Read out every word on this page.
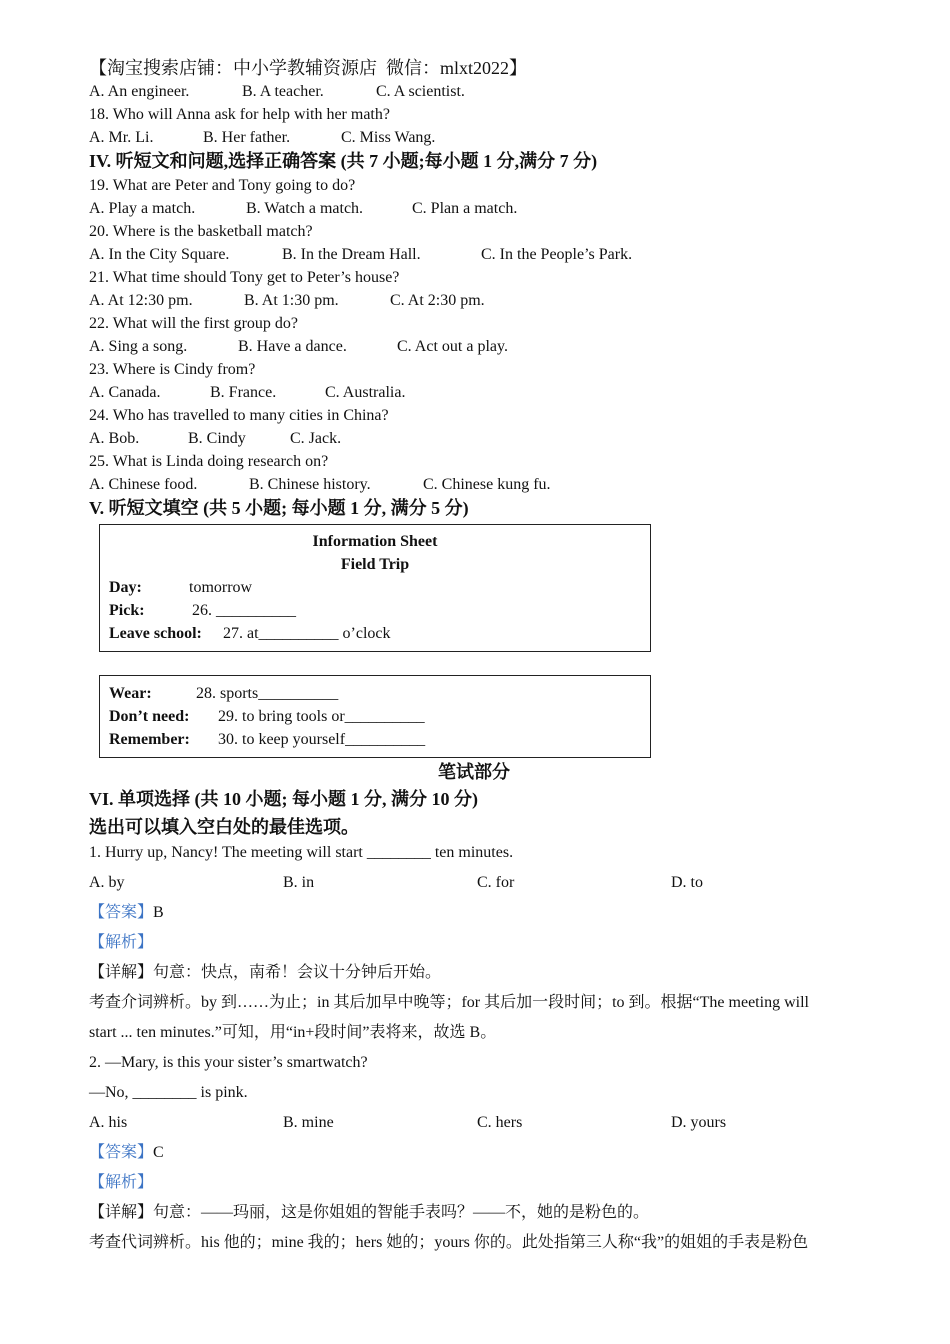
【淘宝搜索店铺：中小学教辅资源店  微信：mlxt2022】
A. An engineer.	B. A teacher.	C. A scientist.
18. Who will Anna ask for help with her math?
A. Mr. Li.	B. Her father.	C. Miss Wang.
IV. 听短文和问题,选择正确答案 (共 7 小题;每小题 1 分,满分 7 分)
19. What are Peter and Tony going to do?
A. Play a match.	B. Watch a match.	C. Plan a match.
20. Where is the basketball match?
A. In the City Square.	B. In the Dream Hall.	C. In the People’s Park.
21. What time should Tony get to Peter’s house?
A. At 12:30 pm.	B. At 1:30 pm.	C. At 2:30 pm.
22. What will the first group do?
A. Sing a song.	B. Have a dance.	C. Act out a play.
23. Where is Cindy from?
A. Canada.	B. France.	C. Australia.
24. Who has travelled to many cities in China?
A. Bob.	B. Cindy	C. Jack.
25. What is Linda doing research on?
A. Chinese food.	B. Chinese history.	C. Chinese kung fu.
V. 听短文填空 (共 5 小题; 每小题 1 分, 满分 5 分)
Information Sheet
Field Trip
Day:	tomorrow
Pick:	26. __________
Leave school: 27. at__________ o’clock
Wear:	28. sports__________
Don’t need: 29. to bring tools or__________
Remember: 30. to keep yourself__________
笔试部分
VI. 单项选择 (共 10 小题; 每小题 1 分, 满分 10 分)
选出可以填入空白处的最佳选项。
1. Hurry up, Nancy! The meeting will start ________ ten minutes.
A. by	B. in	C. for	D. to
【答案】B
【解析】
【详解】句意：快点，南希！会议十分钟后开始。
考查介词辨析。by 到……为止；in 其后加早中晚等；for 其后加一段时间；to 到。根据“The meeting will
start ... ten minutes.”可知，用“in+段时间”表将来，故选 B。
2. —Mary, is this your sister’s smartwatch?
—No, ________ is pink.
A. his	B. mine	C. hers	D. yours
【答案】C
【解析】
【详解】句意：——玛丽，这是你姐姐的智能手表吗？——不，她的是粉色的。
考查代词辨析。his 他的；mine 我的；hers 她的；yours 你的。此处指第三人称“我”的姐姐的手表是粉色
